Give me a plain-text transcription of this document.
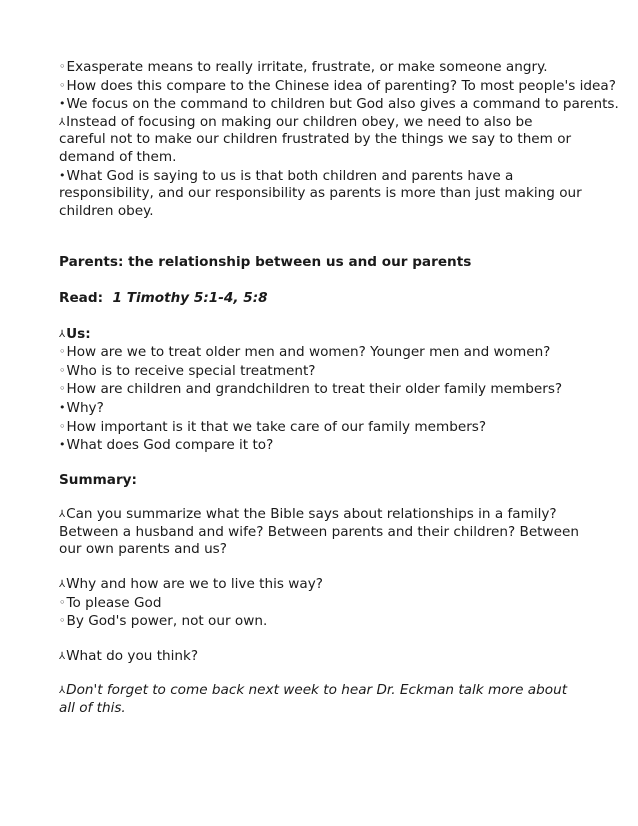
◦Exasperate means to really irritate, frustrate, or make someone angry.
◦How does this compare to the Chinese idea of parenting? To most people's idea?
•We focus on the command to children but God also gives a command to parents.
⅄Instead of focusing on making our children obey, we need to also be careful not to make our children frustrated by the things we say to them or demand of them.
•What God is saying to us is that both children and parents have a responsibility, and our responsibility as parents is more than just making our children obey.
Parents: the relationship between us and our parents
Read: 1 Timothy 5:1-4, 5:8
⅄Us:
◦How are we to treat older men and women? Younger men and women?
◦Who is to receive special treatment?
◦How are children and grandchildren to treat their older family members?
•Why?
◦How important is it that we take care of our family members?
•What does God compare it to?
Summary:
⅄Can you summarize what the Bible says about relationships in a family? Between a husband and wife? Between parents and their children? Between our own parents and us?
⅄Why and how are we to live this way?
◦To please God
◦By God's power, not our own.
⅄What do you think?
⅄Don't forget to come back next week to hear Dr. Eckman talk more about all of this.
